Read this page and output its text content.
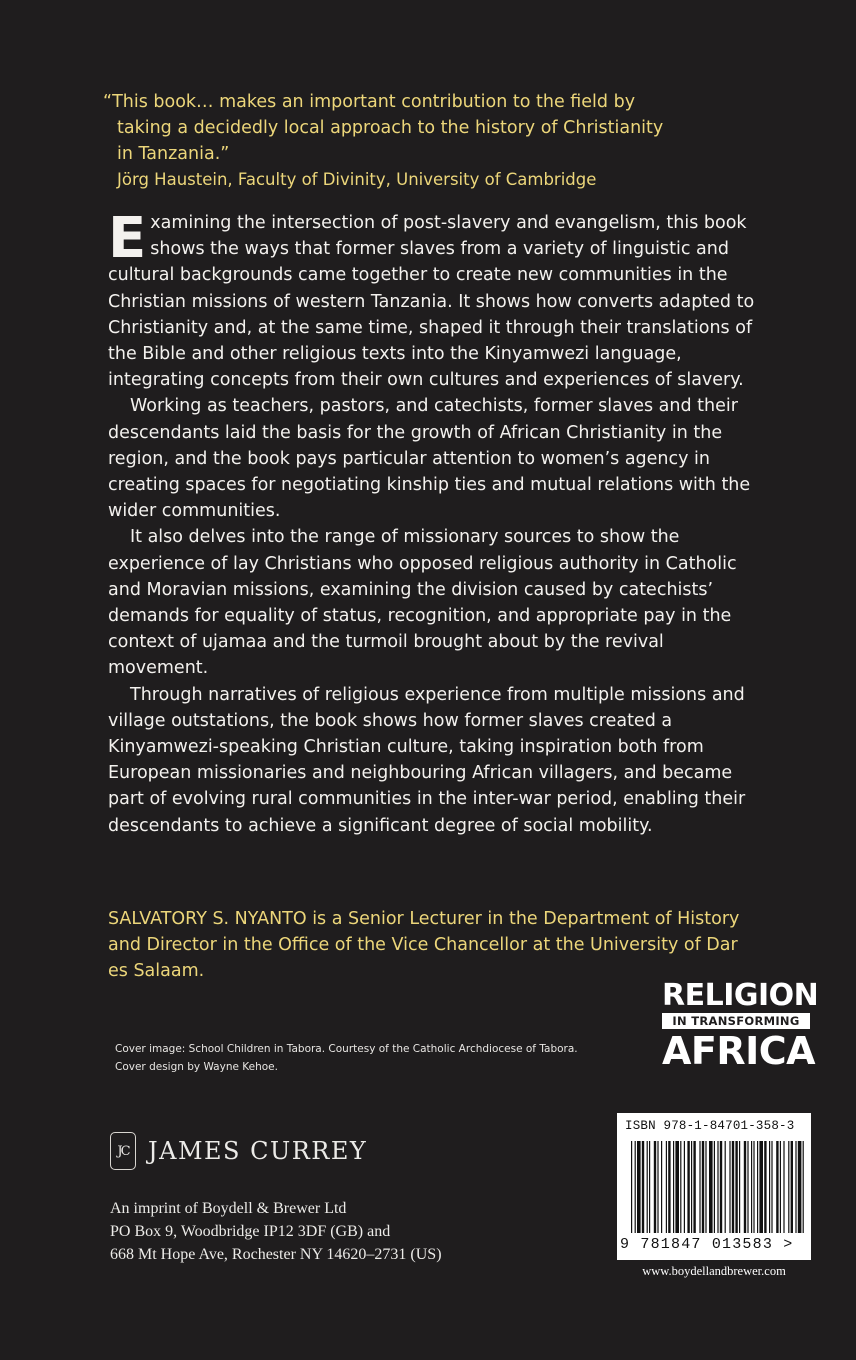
“This book… makes an important contribution to the field by
taking a decidedly local approach to the history of Christianity
in Tanzania.”
Jörg Haustein, Faculty of Divinity, University of Cambridge

Examining the intersection of post-slavery and evangelism, this book shows the ways that former slaves from a variety of linguistic and cultural backgrounds came together to create new communities in the Christian missions of western Tanzania. It shows how converts adapted to Christianity and, at the same time, shaped it through their translations of the Bible and other religious texts into the Kinyamwezi language, integrating concepts from their own cultures and experiences of slavery.

Working as teachers, pastors, and catechists, former slaves and their descendants laid the basis for the growth of African Christianity in the region, and the book pays particular attention to women’s agency in creating spaces for negotiating kinship ties and mutual relations with the wider communities.

It also delves into the range of missionary sources to show the experience of lay Christians who opposed religious authority in Catholic and Moravian missions, examining the division caused by catechists’ demands for equality of status, recognition, and appropriate pay in the context of ujamaa and the turmoil brought about by the revival movement.

Through narratives of religious experience from multiple missions and village outstations, the book shows how former slaves created a Kinyamwezi-speaking Christian culture, taking inspiration both from European missionaries and neighbouring African villagers, and became part of evolving rural communities in the inter-war period, enabling their descendants to achieve a significant degree of social mobility.

SALVATORY S. NYANTO is a Senior Lecturer in the Department of History and Director in the Office of the Vice Chancellor at the University of Dar es Salaam.
RELIGION
IN TRANSFORMING
AFRICA
Cover image: School Children in Tabora. Courtesy of the Catholic Archdiocese of Tabora.
Cover design by Wayne Kehoe.
JC JAMES CURREY
An imprint of Boydell & Brewer Ltd
PO Box 9, Woodbridge IP12 3DF (GB) and
668 Mt Hope Ave, Rochester NY 14620–2731 (US)
ISBN 978-1-84701-358-3
9 781847 013583 >
www.boydellandbrewer.com
